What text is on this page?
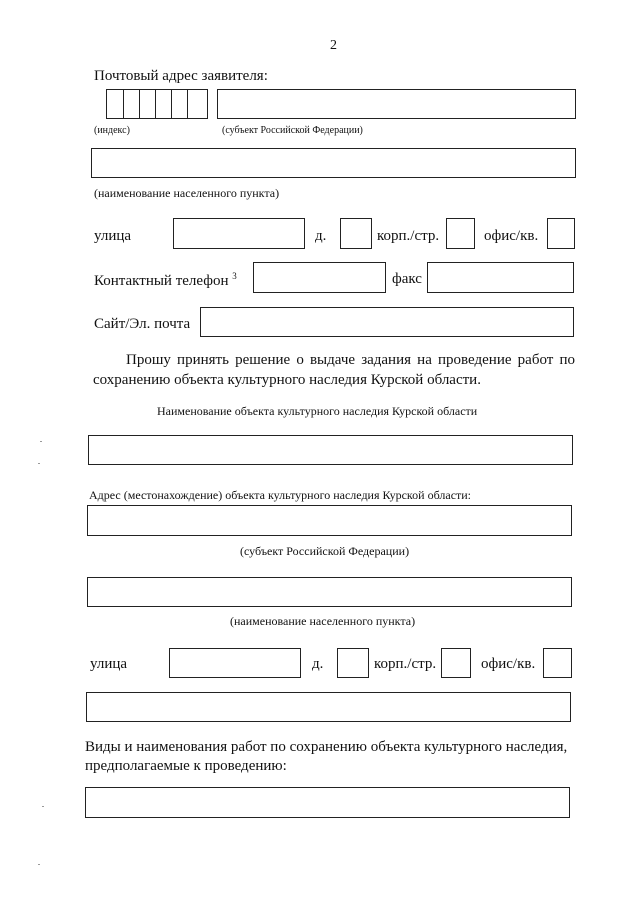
2
Почтовый адрес заявителя:
(индекс)	(субъект Российской Федерации)
(наименование населенного пункта)
улица	д.	корп./стр.	офис/кв.
Контактный телефон $^3$	факс
Сайт/Эл. почта
Прошу принять решение о выдаче задания на проведение работ по
сохранению объекта культурного наследия Курской области.
Наименование объекта культурного наследия Курской области
Адрес (местонахождение) объекта культурного наследия Курской области:
(субъект Российской Федерации)
(наименование населенного пункта)
улица	д.	корп./стр.	офис/кв.
Виды и наименования работ по сохранению объекта культурного наследия,
предполагаемые к проведению:
